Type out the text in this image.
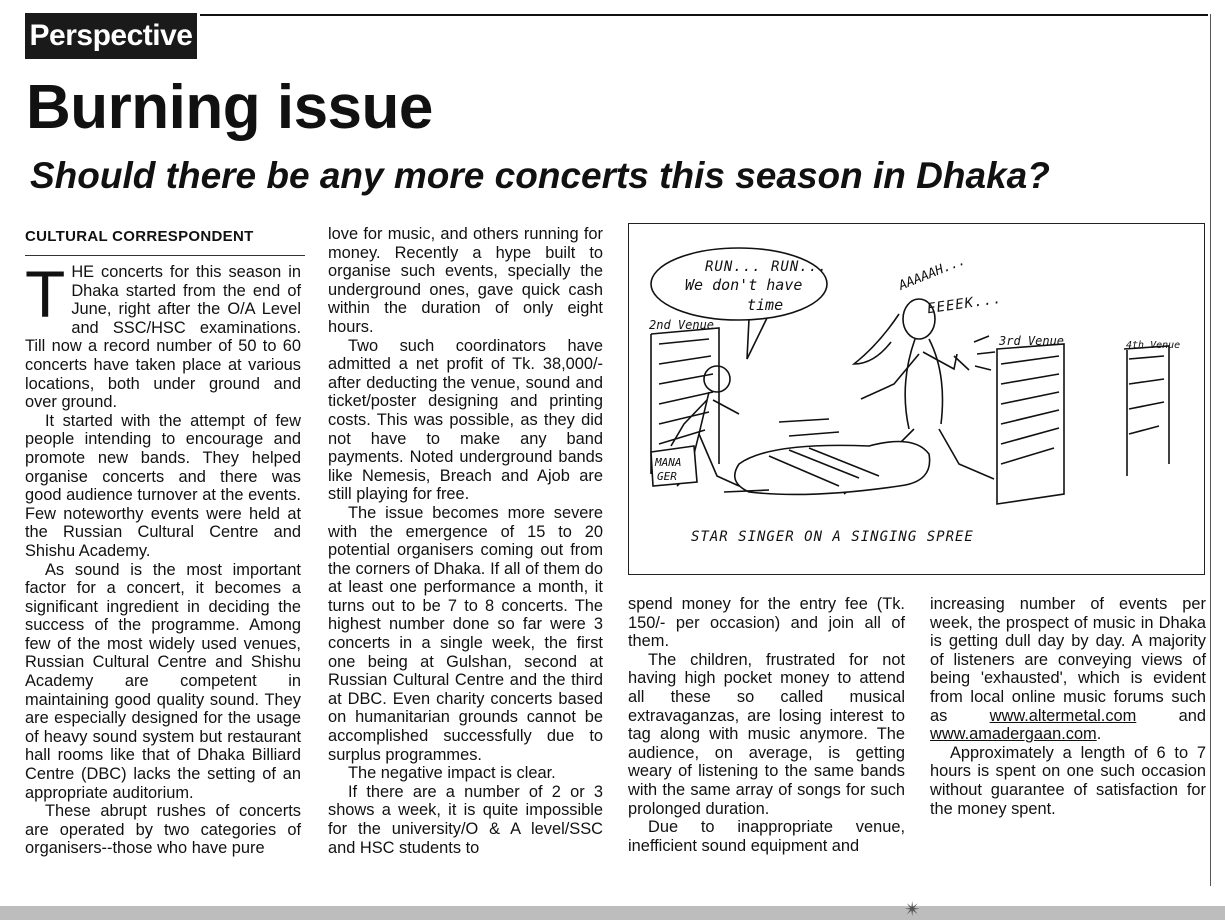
Perspective
Burning issue
Should there be any more concerts this season in Dhaka?
CULTURAL CORRESPONDENT

THE concerts for this season in Dhaka started from the end of June, right after the O/A Level and SSC/HSC examinations. Till now a record number of 50 to 60 concerts have taken place at various locations, both under ground and over ground.

It started with the attempt of few people intending to encourage and promote new bands. They helped organise concerts and there was good audience turnover at the events. Few noteworthy events were held at the Russian Cultural Centre and Shishu Academy.

As sound is the most important factor for a concert, it becomes a significant ingredient in deciding the success of the programme. Among few of the most widely used venues, Russian Cultural Centre and Shishu Academy are competent in maintaining good quality sound. They are especially designed for the usage of heavy sound system but restaurant hall rooms like that of Dhaka Billiard Centre (DBC) lacks the setting of an appropriate auditorium.

These abrupt rushes of concerts are operated by two categories of organisers--those who have pure

love for music, and others running for money. Recently a hype built to organise such events, specially the underground ones, gave quick cash within the duration of only eight hours.

Two such coordinators have admitted a net profit of Tk. 38,000/- after deducting the venue, sound and ticket/poster designing and printing costs. This was possible, as they did not have to make any band payments. Noted underground bands like Nemesis, Breach and Ajob are still playing for free.

The issue becomes more severe with the emergence of 15 to 20 potential organisers coming out from the corners of Dhaka. If all of them do at least one performance a month, it turns out to be 7 to 8 concerts. The highest number done so far were 3 concerts in a single week, the first one being at Gulshan, second at Russian Cultural Centre and the third at DBC. Even charity concerts based on humanitarian grounds cannot be accomplished successfully due to surplus programmes.

The negative impact is clear.

If there are a number of 2 or 3 shows a week, it is quite impossible for the university/O & A level/SSC and HSC students to

RUN... RUN...
We don't have
time
AAAAAH...
EEEEK...
2nd Venue
3rd Venue	4th Venue
MANA
GER
STAR SINGER ON A SINGING SPREE

spend money for the entry fee (Tk. 150/- per occasion) and join all of them.

The children, frustrated for not having high pocket money to attend all these so called musical extravaganzas, are losing interest to tag along with music anymore. The audience, on average, is getting weary of listening to the same bands with the same array of songs for such prolonged duration.

Due to inappropriate venue, inefficient sound equipment and

increasing number of events per week, the prospect of music in Dhaka is getting dull day by day. A majority of listeners are conveying views of being 'exhausted', which is evident from local online music forums such as	www.altermetal.com	and www.amadergaan.com.

Approximately a length of 6 to 7 hours is spent on one such occasion without guarantee of satisfaction for the money spent.

✴
